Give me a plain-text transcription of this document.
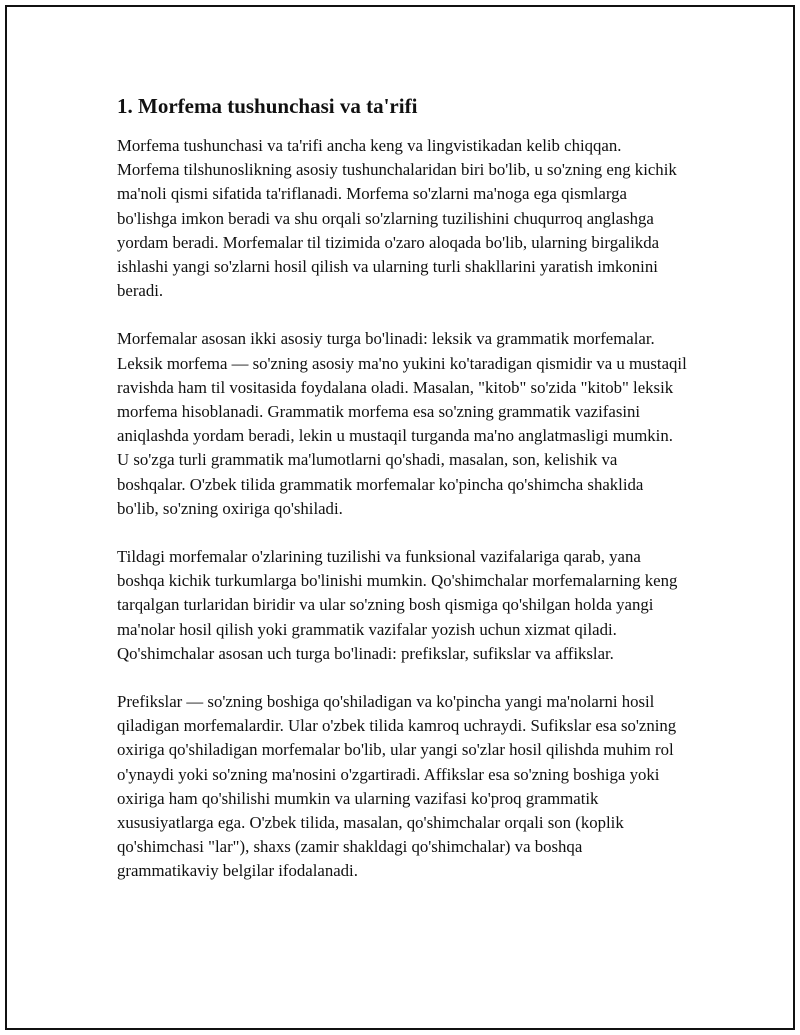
1. Morfema tushunchasi va ta'rifi

Morfema tushunchasi va ta'rifi ancha keng va lingvistikadan kelib chiqqan. Morfema tilshunoslikning asosiy tushunchalaridan biri bo'lib, u so'zning eng kichik ma'noli qismi sifatida ta'riflanadi. Morfema so'zlarni ma'noga ega qismlarga bo'lishga imkon beradi va shu orqali so'zlarning tuzilishini chuqurroq anglashga yordam beradi. Morfemalar til tizimida o'zaro aloqada bo'lib, ularning birgalikda ishlashi yangi so'zlarni hosil qilish va ularning turli shakllarini yaratish imkonini beradi.

Morfemalar asosan ikki asosiy turga bo'linadi: leksik va grammatik morfemalar. Leksik morfema — so'zning asosiy ma'no yukini ko'taradigan qismidir va u mustaqil ravishda ham til vositasida foydalana oladi. Masalan, "kitob" so'zida "kitob" leksik morfema hisoblanadi. Grammatik morfema esa so'zning grammatik vazifasini aniqlashda yordam beradi, lekin u mustaqil turganda ma'no anglatmasligi mumkin. U so'zga turli grammatik ma'lumotlarni qo'shadi, masalan, son, kelishik va boshqalar. O'zbek tilida grammatik morfemalar ko'pincha qo'shimcha shaklida bo'lib, so'zning oxiriga qo'shiladi.

Tildagi morfemalar o'zlarining tuzilishi va funksional vazifalariga qarab, yana boshqa kichik turkumlarga bo'linishi mumkin. Qo'shimchalar morfemalarning keng tarqalgan turlaridan biridir va ular so'zning bosh qismiga qo'shilgan holda yangi ma'nolar hosil qilish yoki grammatik vazifalar yozish uchun xizmat qiladi. Qo'shimchalar asosan uch turga bo'linadi: prefikslar, sufikslar va affikslar.

Prefikslar — so'zning boshiga qo'shiladigan va ko'pincha yangi ma'nolarni hosil qiladigan morfemalardir. Ular o'zbek tilida kamroq uchraydi. Sufikslar esa so'zning oxiriga qo'shiladigan morfemalar bo'lib, ular yangi so'zlar hosil qilishda muhim rol o'ynaydi yoki so'zning ma'nosini o'zgartiradi. Affikslar esa so'zning boshiga yoki oxiriga ham qo'shilishi mumkin va ularning vazifasi ko'proq grammatik xususiyatlarga ega. O'zbek tilida, masalan, qo'shimchalar orqali son (koplik qo'shimchasi "lar"), shaxs (zamir shakldagi qo'shimchalar) va boshqa grammatikaviy belgilar ifodalanadi.
